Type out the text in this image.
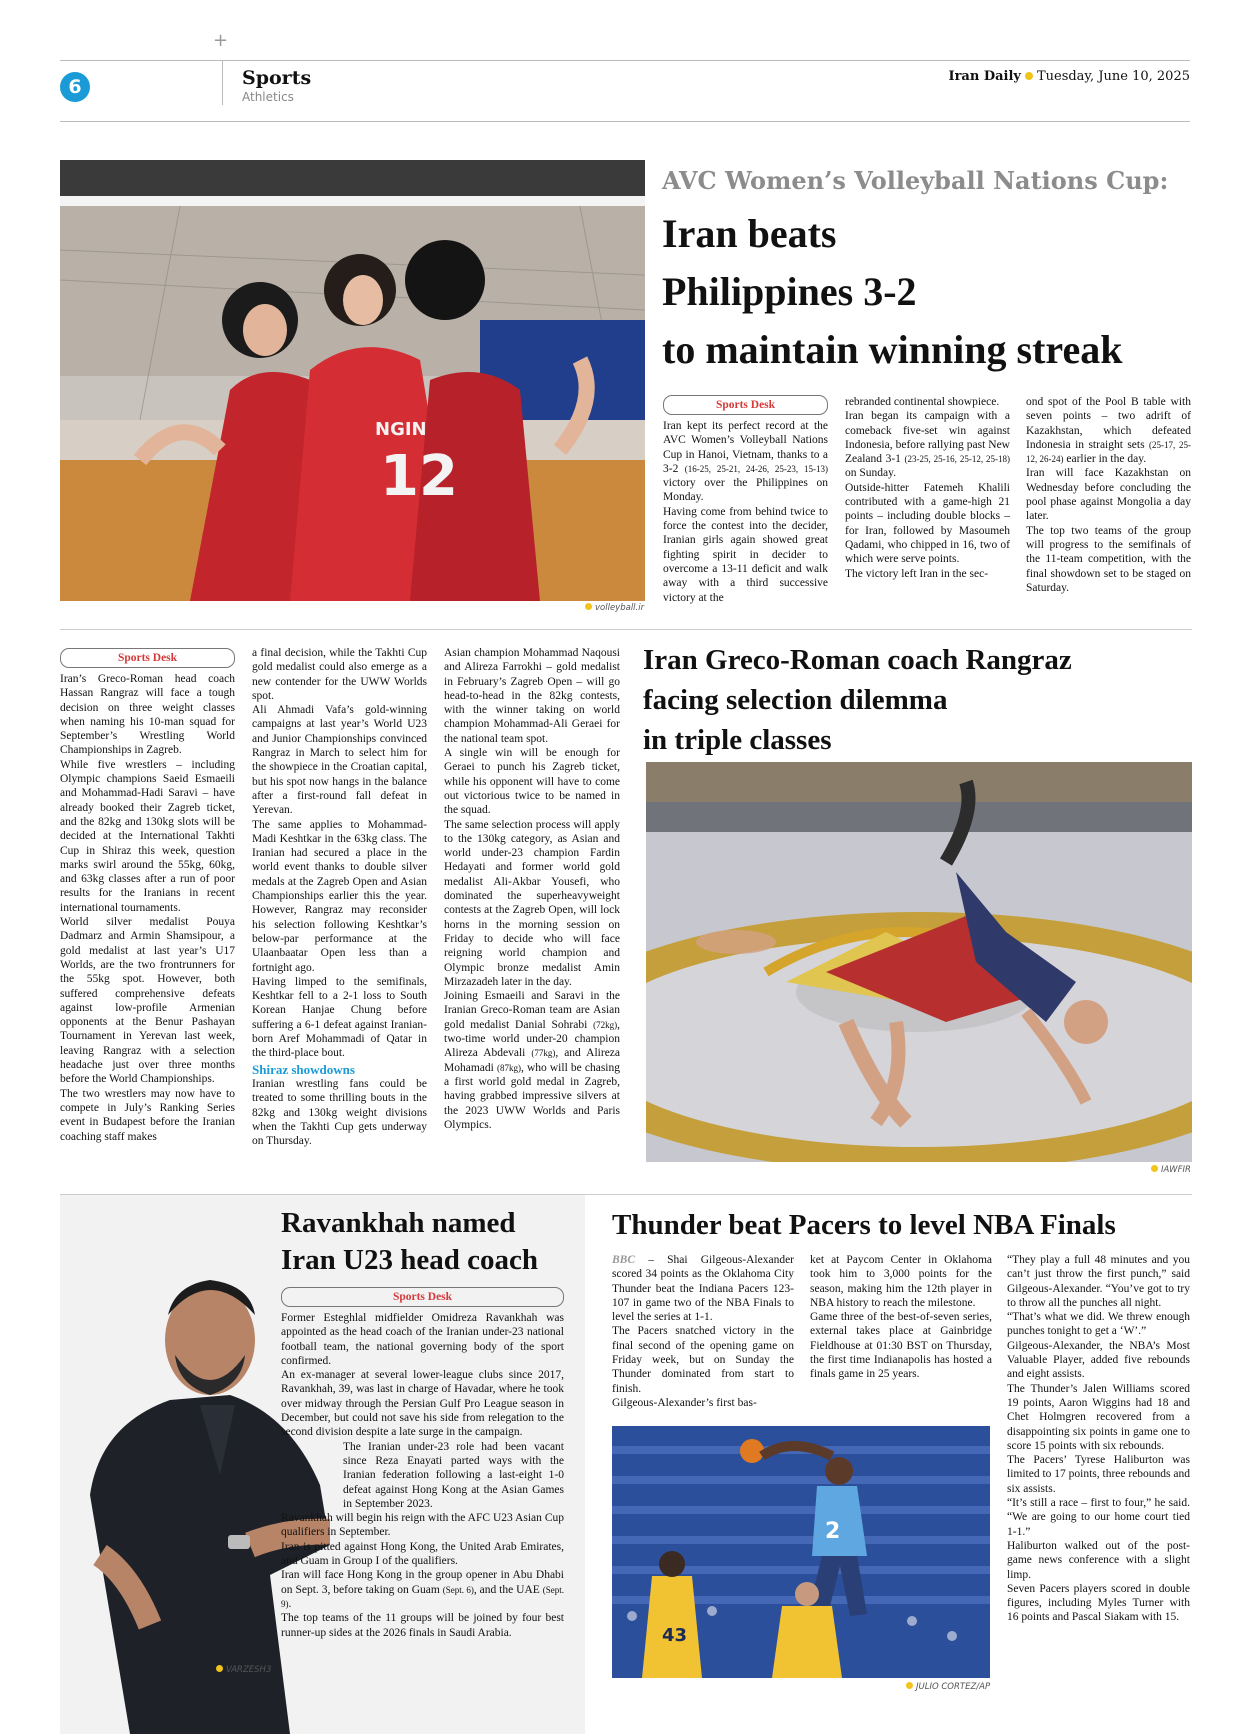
+
6	Sports
Athletics
Iran Daily Tuesday, June 10, 2025
12
NGIN
volleyball.ir
AVC Women’s Volleyball Nations Cup:
Iran beats
Philippines 3-2
to maintain winning streak
Sports Desk

Iran kept its perfect record at the AVC Women’s Volleyball Nations Cup in Hanoi, Vietnam, thanks to a 3-2 (16-25, 25-21, 24-26, 25-23, 15-13) victory over the Philippines on Monday.

Having come from behind twice to force the contest into the decider, Iranian girls again showed great fighting spirit in decider to overcome a 13-11 deficit and walk away with a third successive victory at the

rebranded continental showpiece.

Iran began its campaign with a comeback five-set win against Indonesia, before rallying past New Zealand 3-1 (23-25, 25-16, 25-12, 25-18) on Sunday.

Outside-hitter Fatemeh Khalili contributed with a game-high 21 points – including double blocks – for Iran, followed by Masoumeh Qadami, who chipped in 16, two of which were serve points.

The victory left Iran in the sec-

ond spot of the Pool B table with seven points – two adrift of Kazakhstan, which defeated Indonesia in straight sets (25-17, 25-12, 26-24) earlier in the day.

Iran will face Kazakhstan on Wednesday before concluding the pool phase against Mongolia a day later.

The top two teams of the group will progress to the semifinals of the 11-team competition, with the final showdown set to be staged on Saturday.

Sports Desk

Iran’s Greco-Roman head coach Hassan Rangraz will face a tough decision on three weight classes when naming his 10-man squad for September’s Wrestling World Championships in Zagreb.

While five wrestlers – including Olympic champions Saeid Esmaeili and Mohammad-Hadi Saravi – have already booked their Zagreb ticket, and the 82kg and 130kg slots will be decided at the International Takhti Cup in Shiraz this week, question marks swirl around the 55kg, 60kg, and 63kg classes after a run of poor results for the Iranians in recent international tournaments.

World silver medalist Pouya Dadmarz and Armin Shamsipour, a gold medalist at last year’s U17 Worlds, are the two frontrunners for the 55kg spot. However, both suffered comprehensive defeats against low-profile Armenian opponents at the Benur Pashayan Tournament in Yerevan last week, leaving Rangraz with a selection headache just over three months before the World Championships.

The two wrestlers may now have to compete in July’s Ranking Series event in Budapest before the Iranian coaching staff makes

a final decision, while the Takhti Cup gold medalist could also emerge as a new contender for the UWW Worlds spot.

Ali Ahmadi Vafa’s gold-winning campaigns at last year’s World U23 and Junior Championships convinced Rangraz in March to select him for the showpiece in the Croatian capital, but his spot now hangs in the balance after a first-round fall defeat in Yerevan.

The same applies to Mohammad-Madi Keshtkar in the 63kg class. The Iranian had secured a place in the world event thanks to double silver medals at the Zagreb Open and Asian Championships earlier this the year. However, Rangraz may reconsider his selection following Keshtkar’s below-par performance at the Ulaanbaatar Open less than a fortnight ago.

Having limped to the semifinals, Keshtkar fell to a 2-1 loss to South Korean Hanjae Chung before suffering a 6-1 defeat against Iranian-born Aref Mohammadi of Qatar in the third-place bout.

Shiraz showdowns

Iranian wrestling fans could be treated to some thrilling bouts in the 82kg and 130kg weight divisions when the Takhti Cup gets underway on Thursday.

Asian champion Mohammad Naqousi and Alireza Farrokhi – gold medalist in February’s Zagreb Open – will go head-to-head in the 82kg contests, with the winner taking on world champion Mohammad-Ali Geraei for the national team spot.

A single win will be enough for Geraei to punch his Zagreb ticket, while his opponent will have to come out victorious twice to be named in the squad.

The same selection process will apply to the 130kg category, as Asian and world under-23 champion Fardin Hedayati and former world gold medalist Ali-Akbar Yousefi, who dominated the superheavyweight contests at the Zagreb Open, will lock horns in the morning session on Friday to decide who will face reigning world champion and Olympic bronze medalist Amin Mirzazadeh later in the day.

Joining Esmaeili and Saravi in the Iranian Greco-Roman team are Asian gold medalist Danial Sohrabi (72kg), two-time world under-20 champion Alireza Abdevali (77kg), and Alireza Mohamadi (87kg), who will be chasing a first world gold medal in Zagreb, having grabbed impressive silvers at the 2023 UWW Worlds and Paris Olympics.

Iran Greco-Roman coach Rangraz
facing selection dilemma
in triple classes
IAWFIR
VARZESH3
Ravankhah named
Iran U23 head coach
Sports Desk

Former Esteghlal midfielder Omidreza Ravankhah was appointed as the head coach of the Iranian under-23 national football team, the national governing body of the sport confirmed.

An ex-manager at several lower-league clubs since 2017, Ravankhah, 39, was last in charge of Havadar, where he took over midway through the Persian Gulf Pro League season in December, but could not save his side from relegation to the second division despite a late surge in the campaign.

The Iranian under-23 role had been vacant since Reza Enayati parted ways with the Iranian federation following a last-eight 1-0 defeat against Hong Kong at the Asian Games in September 2023.

Ravankhah will begin his reign with the AFC U23 Asian Cup qualifiers in September.

Iran is pitted against Hong Kong, the United Arab Emirates, and Guam in Group I of the qualifiers.

Iran will face Hong Kong in the group opener in Abu Dhabi on Sept. 3, before taking on Guam (Sept. 6), and the UAE (Sept. 9).

The top teams of the 11 groups will be joined by four best runner-up sides at the 2026 finals in Saudi Arabia.

Thunder beat Pacers to level NBA Finals

BBC – Shai Gilgeous-Alexander scored 34 points as the Oklahoma City Thunder beat the Indiana Pacers 123-107 in game two of the NBA Finals to level the series at 1-1.

The Pacers snatched victory in the final second of the opening game on Friday week, but on Sunday the Thunder dominated from start to finish.

Gilgeous-Alexander’s first bas-

ket at Paycom Center in Oklahoma took him to 3,000 points for the season, making him the 12th player in NBA history to reach the milestone.

Game three of the best-of-seven series, external takes place at Gainbridge Fieldhouse at 01:30 BST on Thursday, the first time Indianapolis has hosted a finals game in 25 years.

“They play a full 48 minutes and you can’t just throw the first punch,” said Gilgeous-Alexander. “You’ve got to try to throw all the punches all night.

“That’s what we did. We threw enough punches tonight to get a ‘W’.”

Gilgeous-Alexander, the NBA’s Most Valuable Player, added five rebounds and eight assists.

The Thunder’s Jalen Williams scored 19 points, Aaron Wiggins had 18 and Chet Holmgren recovered from a disappointing six points in game one to score 15 points with six rebounds.

The Pacers’ Tyrese Haliburton was limited to 17 points, three rebounds and six assists.

“It’s still a race – first to four,” he said. “We are going to our home court tied 1-1.”

Haliburton walked out of the post-game news conference with a slight limp.

Seven Pacers players scored in double figures, including Myles Turner with 16 points and Pascal Siakam with 15.

2
43
JULIO CORTEZ/AP
